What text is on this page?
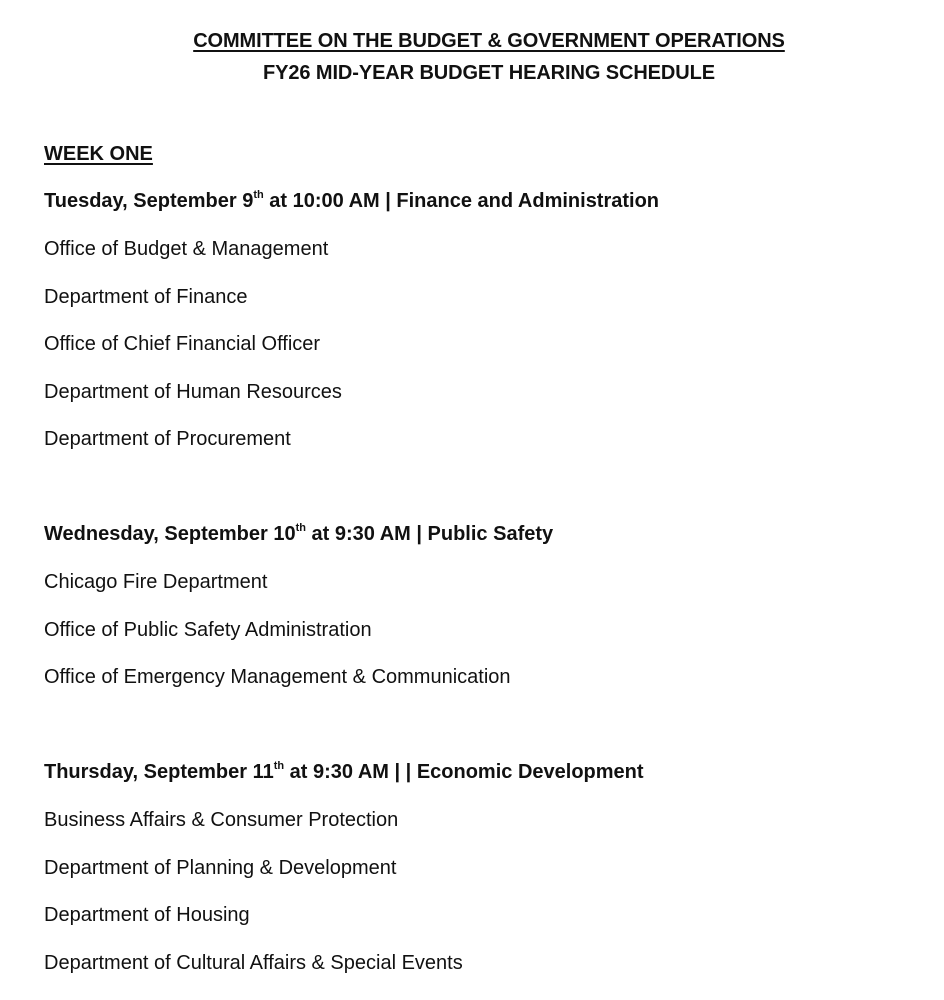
COMMITTEE ON THE BUDGET & GOVERNMENT OPERATIONS
FY26 MID-YEAR BUDGET HEARING SCHEDULE
WEEK ONE
Tuesday, September 9th at 10:00 AM | Finance and Administration
Office of Budget & Management
Department of Finance
Office of Chief Financial Officer
Department of Human Resources
Department of Procurement
Wednesday, September 10th at 9:30 AM | Public Safety
Chicago Fire Department
Office of Public Safety Administration
Office of Emergency Management & Communication
Thursday, September 11th at 9:30 AM | | Economic Development
Business Affairs & Consumer Protection
Department of Planning & Development
Department of Housing
Department of Cultural Affairs & Special Events
